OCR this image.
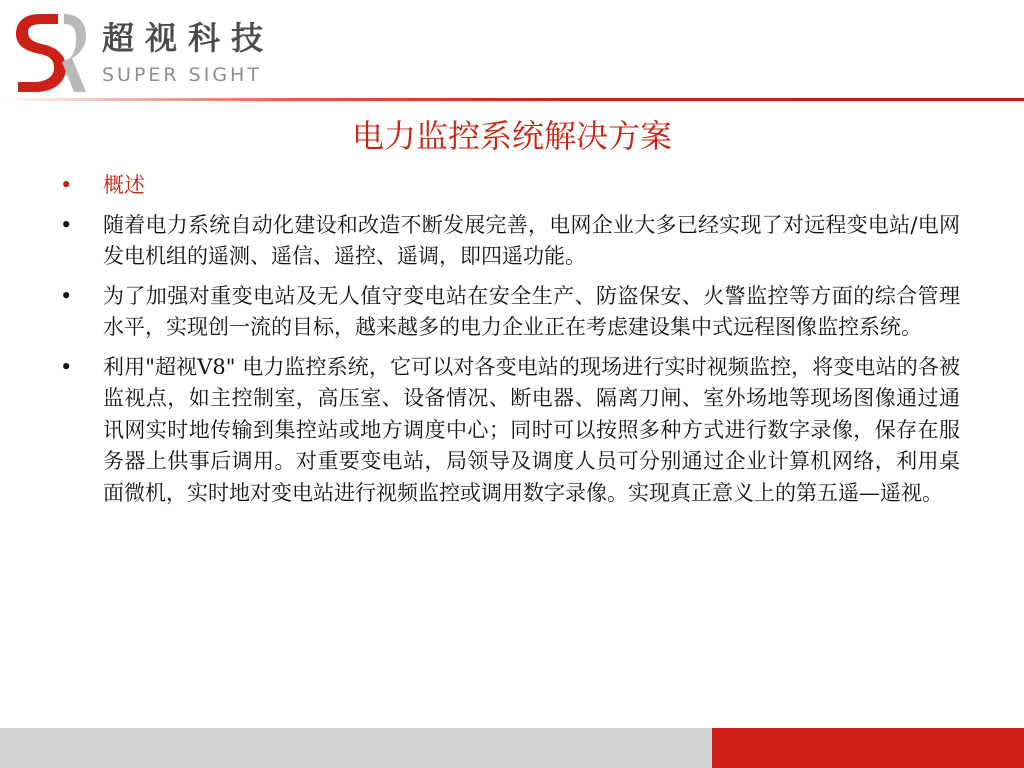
超视科技
SUPER SIGHT
电力监控系统解决方案
• 概述
• 随着电力系统自动化建设和改造不断发展完善，电网企业大多已经实现了对远程变电站/电网发电机组的遥测、遥信、遥控、遥调，即四遥功能。
• 为了加强对重变电站及无人值守变电站在安全生产、防盗保安、火警监控等方面的综合管理水平，实现创一流的目标，越来越多的电力企业正在考虑建设集中式远程图像监控系统。
• 利用"超视V8" 电力监控系统，它可以对各变电站的现场进行实时视频监控，将变电站的各被监视点，如主控制室，高压室、设备情况、断电器、隔离刀闸、室外场地等现场图像通过通讯网实时地传输到集控站或地方调度中心；同时可以按照多种方式进行数字录像，保存在服务器上供事后调用。对重要变电站，局领导及调度人员可分别通过企业计算机网络，利用桌面微机，实时地对变电站进行视频监控或调用数字录像。实现真正意义上的第五遥—遥视。
